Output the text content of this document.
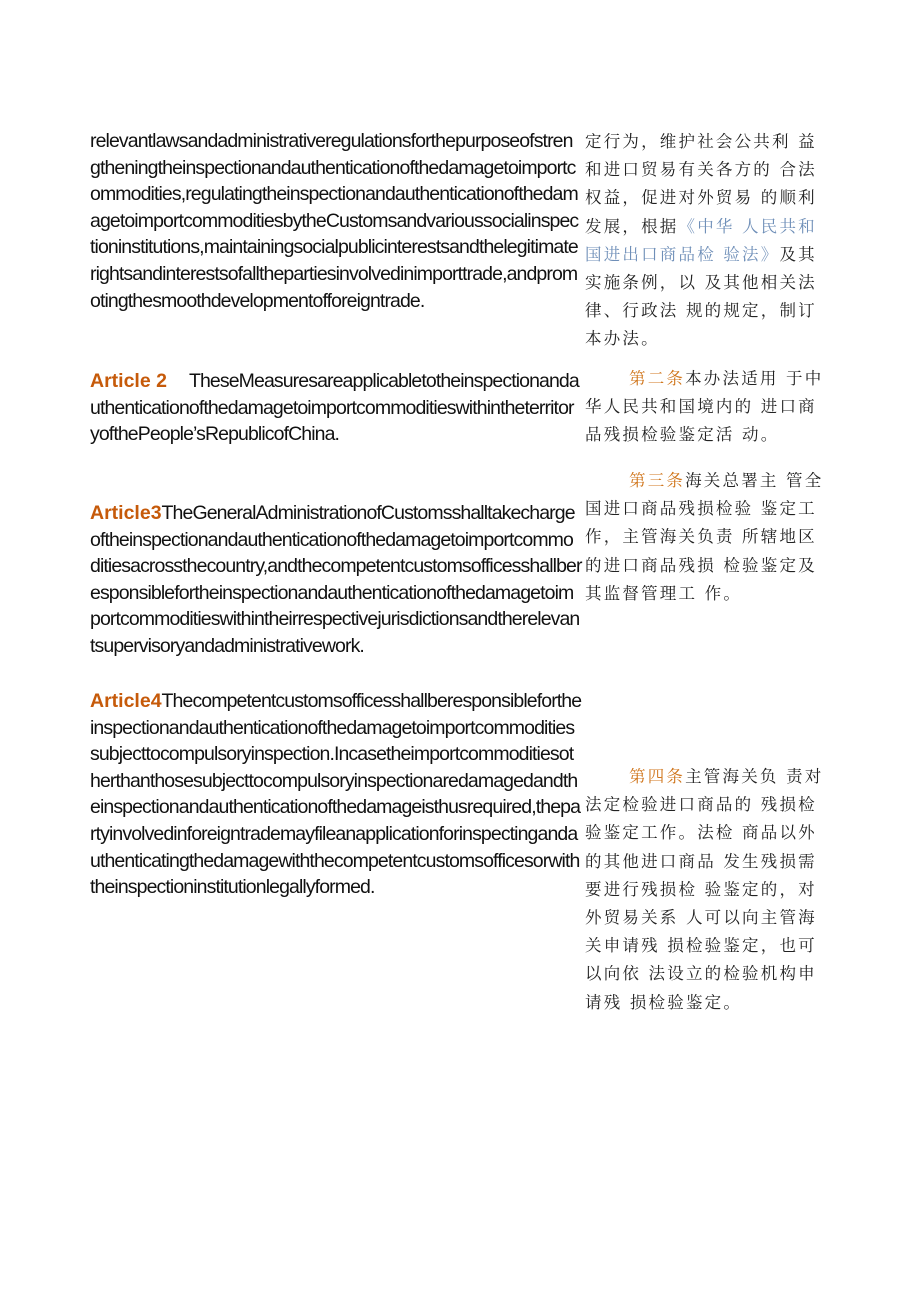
relevantlawsandadministrativeregulationsforthepurposeofstrengtheningtheinspectionandauthenticationofthedamagetoimportcommodities,regulatingtheinspectionandauthenticationofthedamagetoimportcommoditiesbytheCustomsandvarioussocialinspectioninstitutions,maintainingsocialpublicinterestsandthelegitimaterightsandinterestsofallthepartiesinvolvedinimporttrade,andpromotingthesmoothdevelopmentofforeigntrade.

定行为，维护社会公共利 益和进口贸易有关各方的 合法权益，促进对外贸易 的顺利发展，根据《中华 人民共和国进出口商品检 验法》及其实施条例，以 及其他相关法律、行政法 规的规定，制订本办法。

Article 2 TheseMeasuresareapplicabletotheinspectionandauthenticationofthedamagetoimportcommoditieswithintheterritoryofthePeople’sRepublicofChina.

第二条本办法适用 于中华人民共和国境内的 进口商品残损检验鉴定活 动。

Article3TheGeneralAdministrationofCustomsshalltakechargeoftheinspectionandauthenticationofthedamagetoimportcommoditiesacrossthecountry,andthecompetentcustomsofficesshallberesponsiblefortheinspectionandauthenticationofthedamagetoimportcommoditieswithintheirrespectivejurisdictionsandtherelevantsupervisoryandadministrativework.

第三条海关总署主 管全国进口商品残损检验 鉴定工作，主管海关负责 所辖地区的进口商品残损 检验鉴定及其监督管理工 作。

Article4Thecompetentcustomsofficesshallberesponsiblefortheinspectionandauthenticationofthedamagetoimportcommoditiessubjecttocompulsoryinspection.Incasetheimportcommoditiesotherthanthosesubjecttocompulsoryinspectionaredamagedandtheinspectionandauthenticationofthedamageisthusrequired,thepartyinvolvedinforeigntrademayfileanapplicationforinspectingandauthenticatingthedamagewiththecompetentcustomsofficesorwiththeinspectioninstitutionlegallyformed.

第四条主管海关负 责对法定检验进口商品的 残损检验鉴定工作。法检 商品以外的其他进口商品 发生残损需要进行残损检 验鉴定的，对外贸易关系 人可以向主管海关申请残 损检验鉴定，也可以向依 法设立的检验机构申请残 损检验鉴定。
